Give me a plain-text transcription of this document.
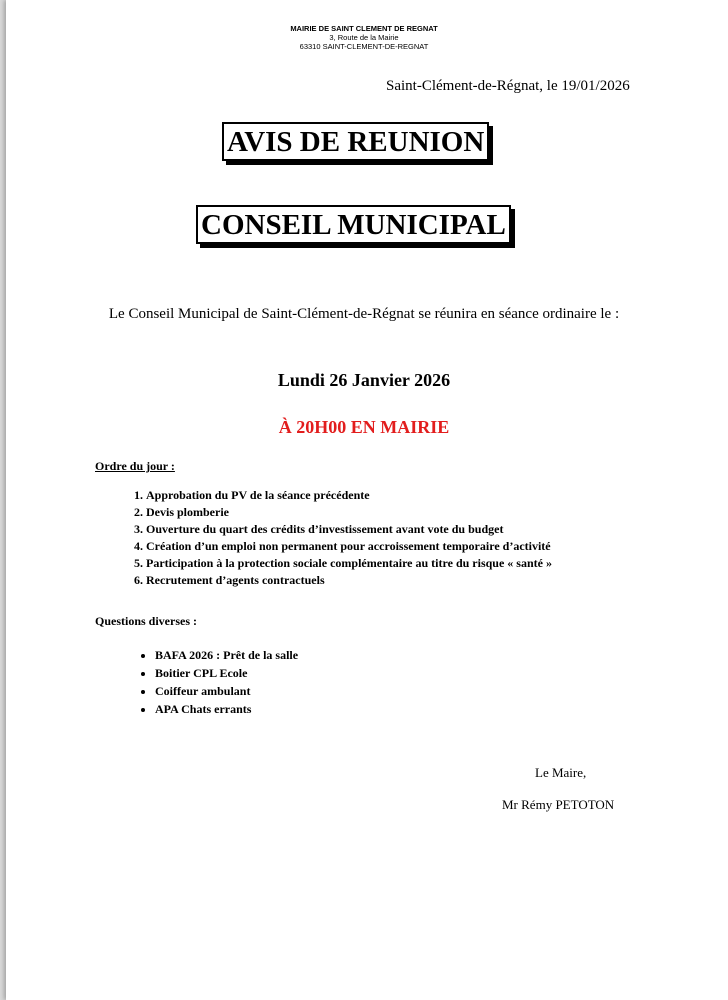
MAIRIE DE SAINT CLEMENT DE REGNAT
3, Route de la Mairie
63310 SAINT-CLEMENT-DE-REGNAT
Saint-Clément-de-Régnat, le 19/01/2026
AVIS DE REUNION
CONSEIL MUNICIPAL
Le Conseil Municipal de Saint-Clément-de-Régnat se réunira en séance ordinaire le :
Lundi 26 Janvier 2026
À 20H00 EN MAIRIE
Ordre du jour :
1. Approbation du PV de la séance précédente
2. Devis plomberie
3. Ouverture du quart des crédits d’investissement avant vote du budget
4. Création d’un emploi non permanent pour accroissement temporaire d’activité
5. Participation à la protection sociale complémentaire au titre du risque « santé »
6. Recrutement d’agents contractuels
Questions diverses :
• BAFA 2026 : Prêt de la salle
• Boitier CPL Ecole
• Coiffeur ambulant
• APA Chats errants
Le Maire,
Mr Rémy PETOTON
